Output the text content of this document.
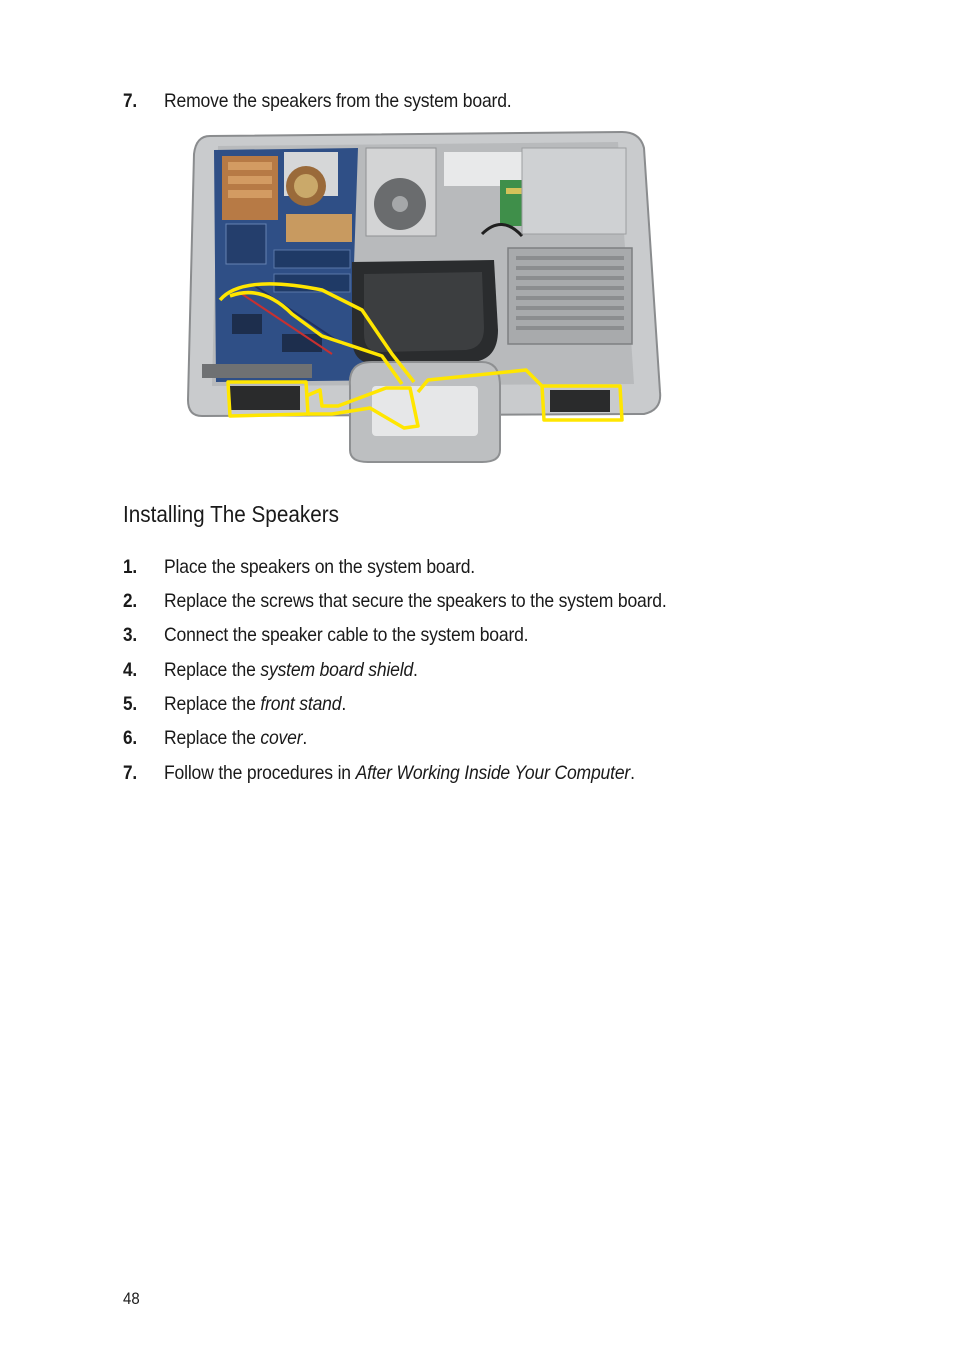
7. Remove the speakers from the system board.
Installing The Speakers
1. Place the speakers on the system board.
2. Replace the screws that secure the speakers to the system board.
3. Connect the speaker cable to the system board.
4. Replace the system board shield.
5. Replace the front stand.
6. Replace the cover.
7. Follow the procedures in After Working Inside Your Computer.
48
